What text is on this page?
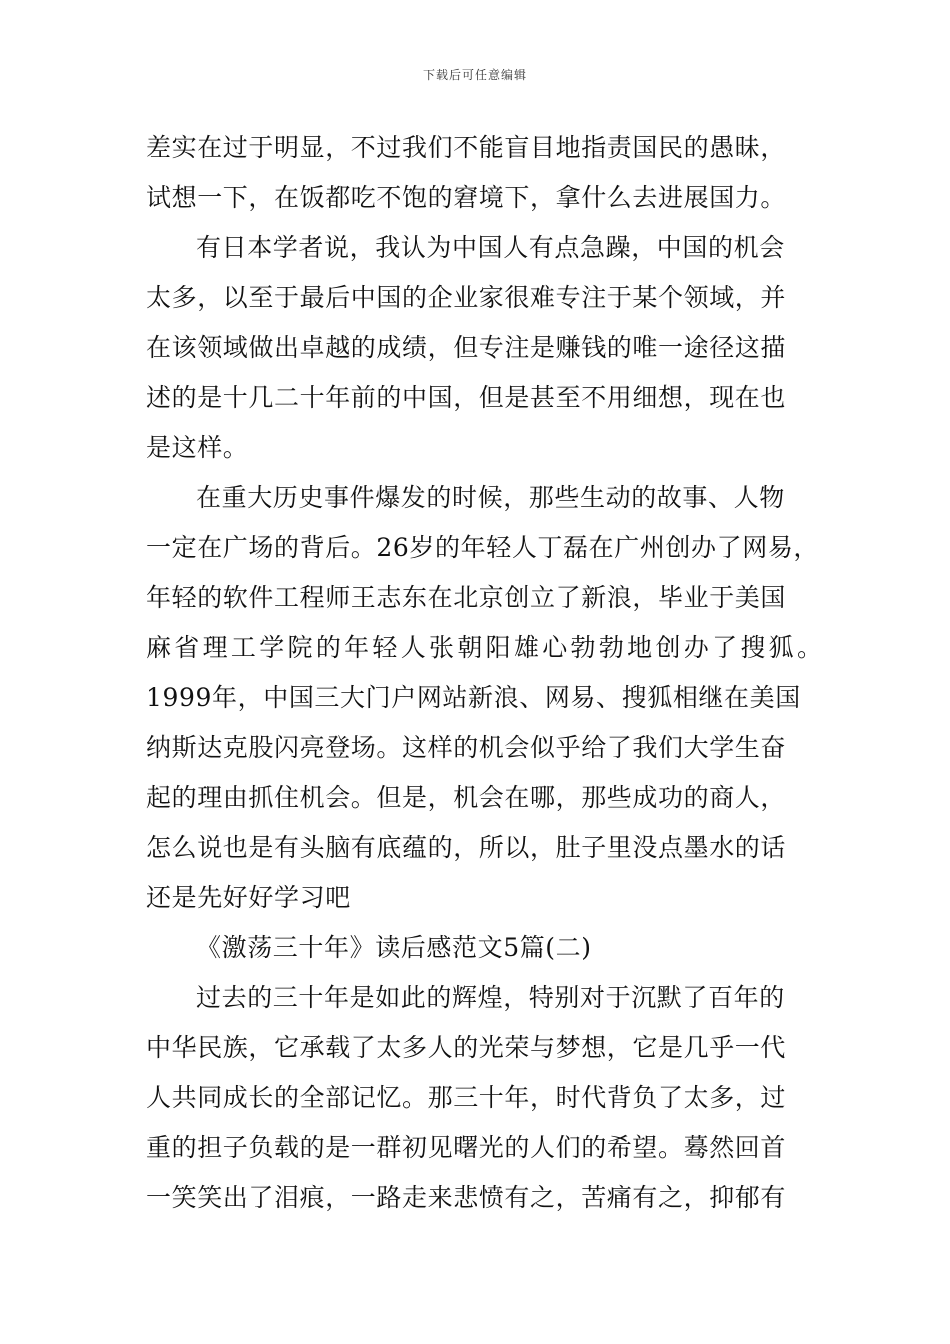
下载后可任意编辑
差实在过于明显，不过我们不能盲目地指责国民的愚昧，
试想一下，在饭都吃不饱的窘境下，拿什么去进展国力。
有日本学者说，我认为中国人有点急躁，中国的机会
太多，以至于最后中国的企业家很难专注于某个领域，并
在该领域做出卓越的成绩，但专注是赚钱的唯一途径这描
述的是十几二十年前的中国，但是甚至不用细想，现在也
是这样。
在重大历史事件爆发的时候，那些生动的故事、人物
一定在广场的背后。26岁的年轻人丁磊在广州创办了网易，
年轻的软件工程师王志东在北京创立了新浪，毕业于美国
麻省理工学院的年轻人张朝阳雄心勃勃地创办了搜狐。
1999年，中国三大门户网站新浪、网易、搜狐相继在美国
纳斯达克股闪亮登场。这样的机会似乎给了我们大学生奋
起的理由抓住机会。但是，机会在哪，那些成功的商人，
怎么说也是有头脑有底蕴的，所以，肚子里没点墨水的话
还是先好好学习吧
《激荡三十年》读后感范文5篇(二)
过去的三十年是如此的辉煌，特别对于沉默了百年的
中华民族，它承载了太多人的光荣与梦想，它是几乎一代
人共同成长的全部记忆。那三十年，时代背负了太多，过
重的担子负载的是一群初见曙光的人们的希望。蓦然回首
一笑笑出了泪痕，一路走来悲愤有之，苦痛有之，抑郁有
